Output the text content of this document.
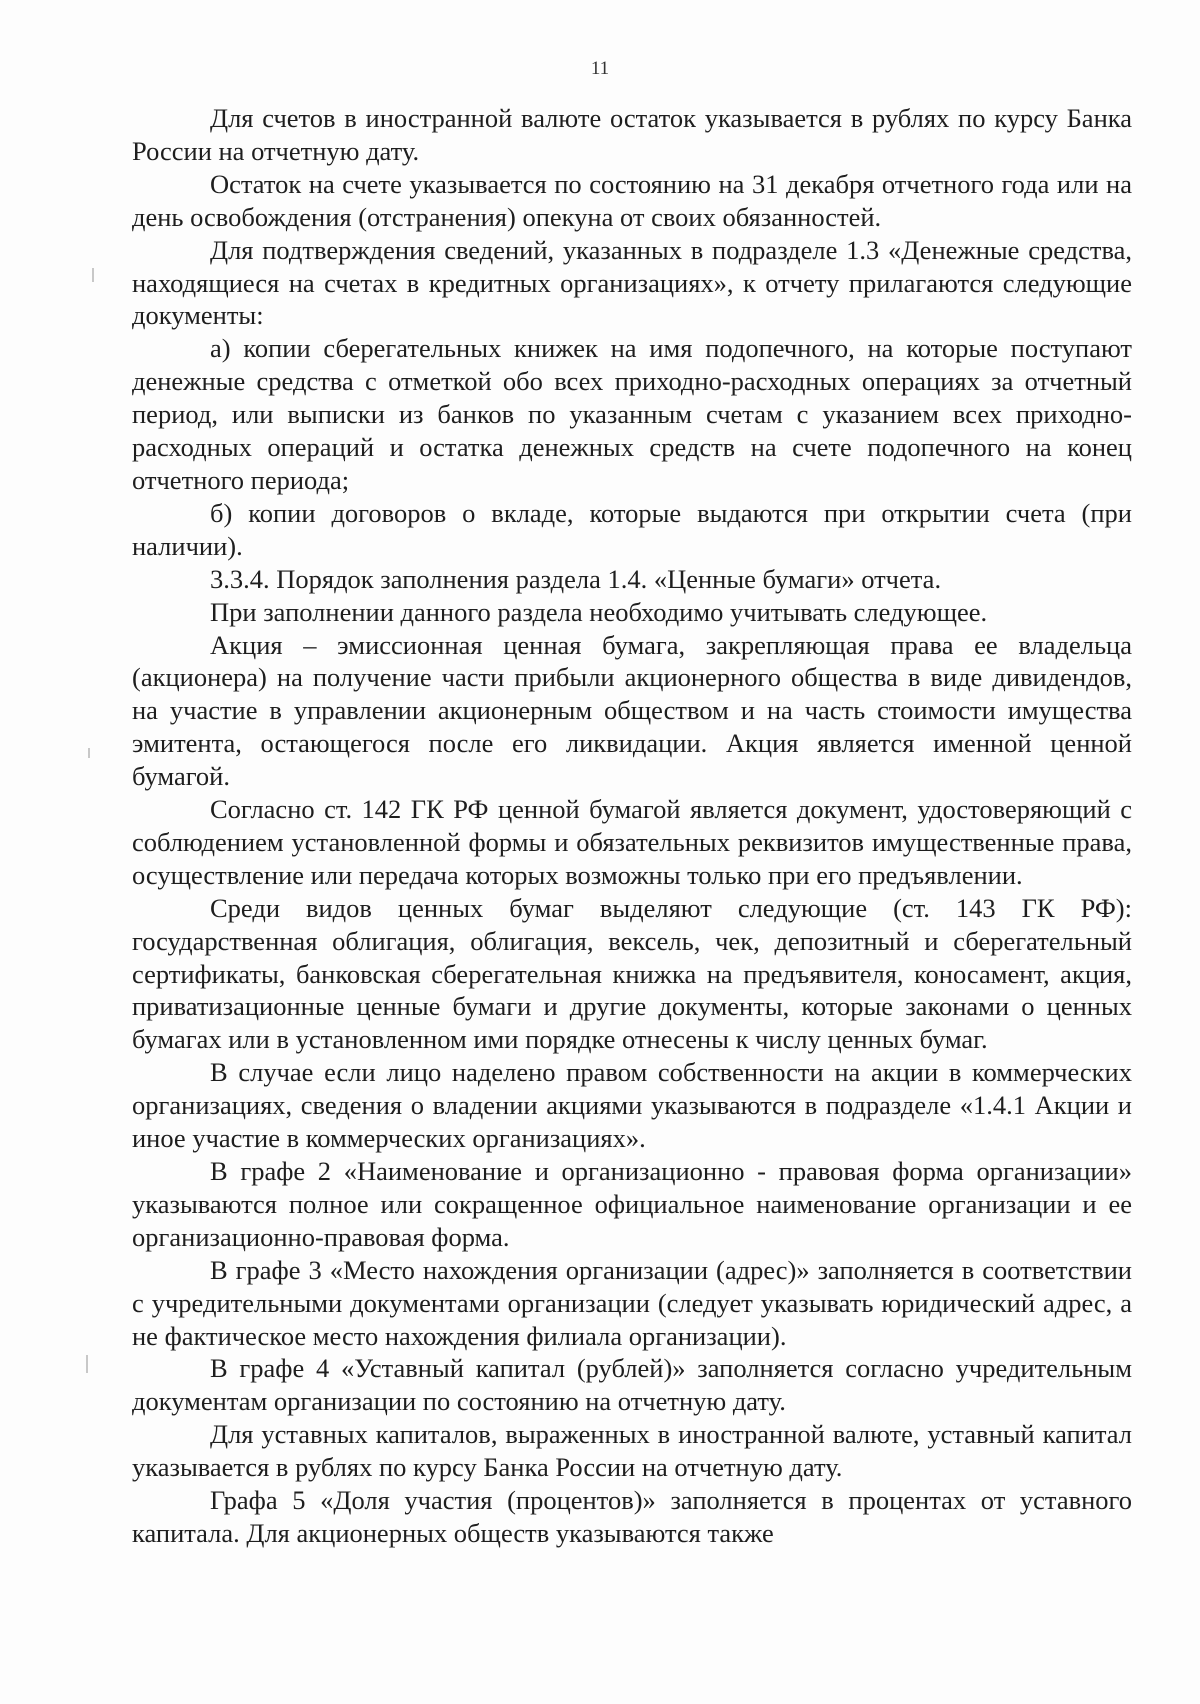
11

Для счетов в иностранной валюте остаток указывается в рублях по курсу Банка России на отчетную дату.

Остаток на счете указывается по состоянию на 31 декабря отчетного года или на день освобождения (отстранения) опекуна от своих обязанностей.

Для подтверждения сведений, указанных в подразделе 1.3 «Денежные средства, находящиеся на счетах в кредитных организациях», к отчету прилагаются следующие документы:

а) копии сберегательных книжек на имя подопечного, на которые поступают денежные средства с отметкой обо всех приходно-расходных операциях за отчетный период, или выписки из банков по указанным счетам с указанием всех приходно-расходных операций и остатка денежных средств на счете подопечного на конец отчетного периода;

б) копии договоров о вкладе, которые выдаются при открытии счета (при наличии).

3.3.4. Порядок заполнения раздела 1.4. «Ценные бумаги» отчета.

При заполнении данного раздела необходимо учитывать следующее.

Акция – эмиссионная ценная бумага, закрепляющая права ее владельца (акционера) на получение части прибыли акционерного общества в виде дивидендов, на участие в управлении акционерным обществом и на часть стоимости имущества эмитента, остающегося после его ликвидации. Акция является именной ценной бумагой.

Согласно ст. 142 ГК РФ ценной бумагой является документ, удостоверяющий с соблюдением установленной формы и обязательных реквизитов имущественные права, осуществление или передача которых возможны только при его предъявлении.

Среди видов ценных бумаг выделяют следующие (ст. 143 ГК РФ): государственная облигация, облигация, вексель, чек, депозитный и сберегательный сертификаты, банковская сберегательная книжка на предъявителя, коносамент, акция, приватизационные ценные бумаги и другие документы, которые законами о ценных бумагах или в установленном ими порядке отнесены к числу ценных бумаг.

В случае если лицо наделено правом собственности на акции в коммерческих организациях, сведения о владении акциями указываются в подразделе «1.4.1 Акции и иное участие в коммерческих организациях».

В графе 2 «Наименование и организационно - правовая форма организации» указываются полное или сокращенное официальное наименование организации и ее организационно-правовая форма.

В графе 3 «Место нахождения организации (адрес)» заполняется в соответствии с учредительными документами организации (следует указывать юридический адрес, а не фактическое место нахождения филиала организации).

В графе 4 «Уставный капитал (рублей)» заполняется согласно учредительным документам организации по состоянию на отчетную дату.

Для уставных капиталов, выраженных в иностранной валюте, уставный капитал указывается в рублях по курсу Банка России на отчетную дату.

Графа 5 «Доля участия (процентов)» заполняется в процентах от уставного капитала. Для акционерных обществ указываются также
